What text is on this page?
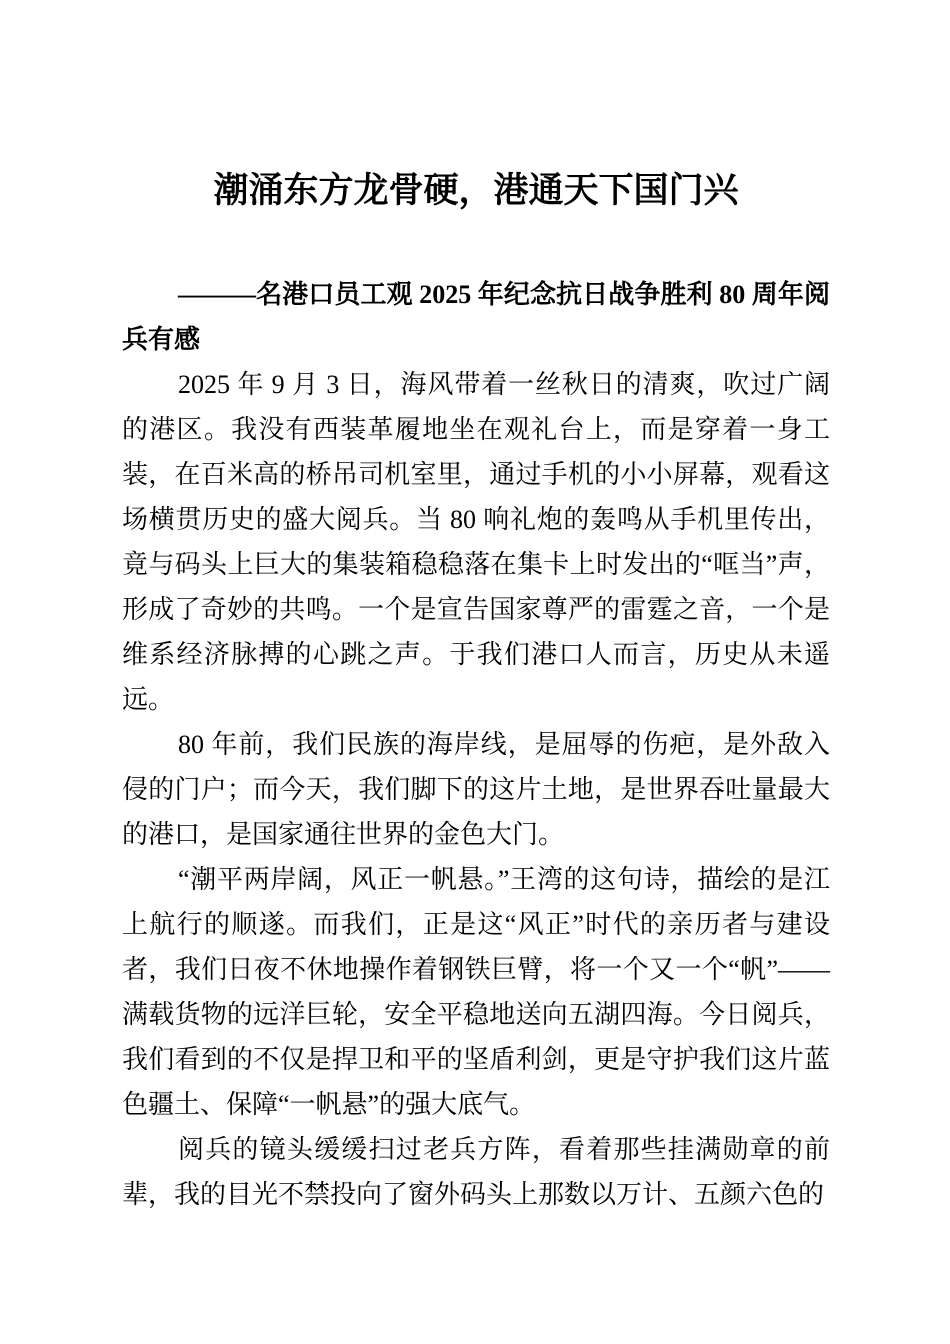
潮涌东方龙骨硬，港通天下国门兴

———名港口员工观 2025 年纪念抗日战争胜利 80 周年阅兵有感

2025 年 9 月 3 日，海风带着一丝秋日的清爽，吹过广阔的港区。我没有西装革履地坐在观礼台上，而是穿着一身工装，在百米高的桥吊司机室里，通过手机的小小屏幕，观看这场横贯历史的盛大阅兵。当 80 响礼炮的轰鸣从手机里传出，竟与码头上巨大的集装箱稳稳落在集卡上时发出的“哐当”声，形成了奇妙的共鸣。一个是宣告国家尊严的雷霆之音，一个是维系经济脉搏的心跳之声。于我们港口人而言，历史从未遥远。

80 年前，我们民族的海岸线，是屈辱的伤疤，是外敌入侵的门户；而今天，我们脚下的这片土地，是世界吞吐量最大的港口，是国家通往世界的金色大门。

“潮平两岸阔，风正一帆悬。”王湾的这句诗，描绘的是江上航行的顺遂。而我们，正是这“风正”时代的亲历者与建设者，我们日夜不休地操作着钢铁巨臂，将一个又一个“帆”——满载货物的远洋巨轮，安全平稳地送向五湖四海。今日阅兵，我们看到的不仅是捍卫和平的坚盾利剑，更是守护我们这片蓝色疆土、保障“一帆悬”的强大底气。

阅兵的镜头缓缓扫过老兵方阵，看着那些挂满勋章的前辈，我的目光不禁投向了窗外码头上那数以万计、五颜六色的
